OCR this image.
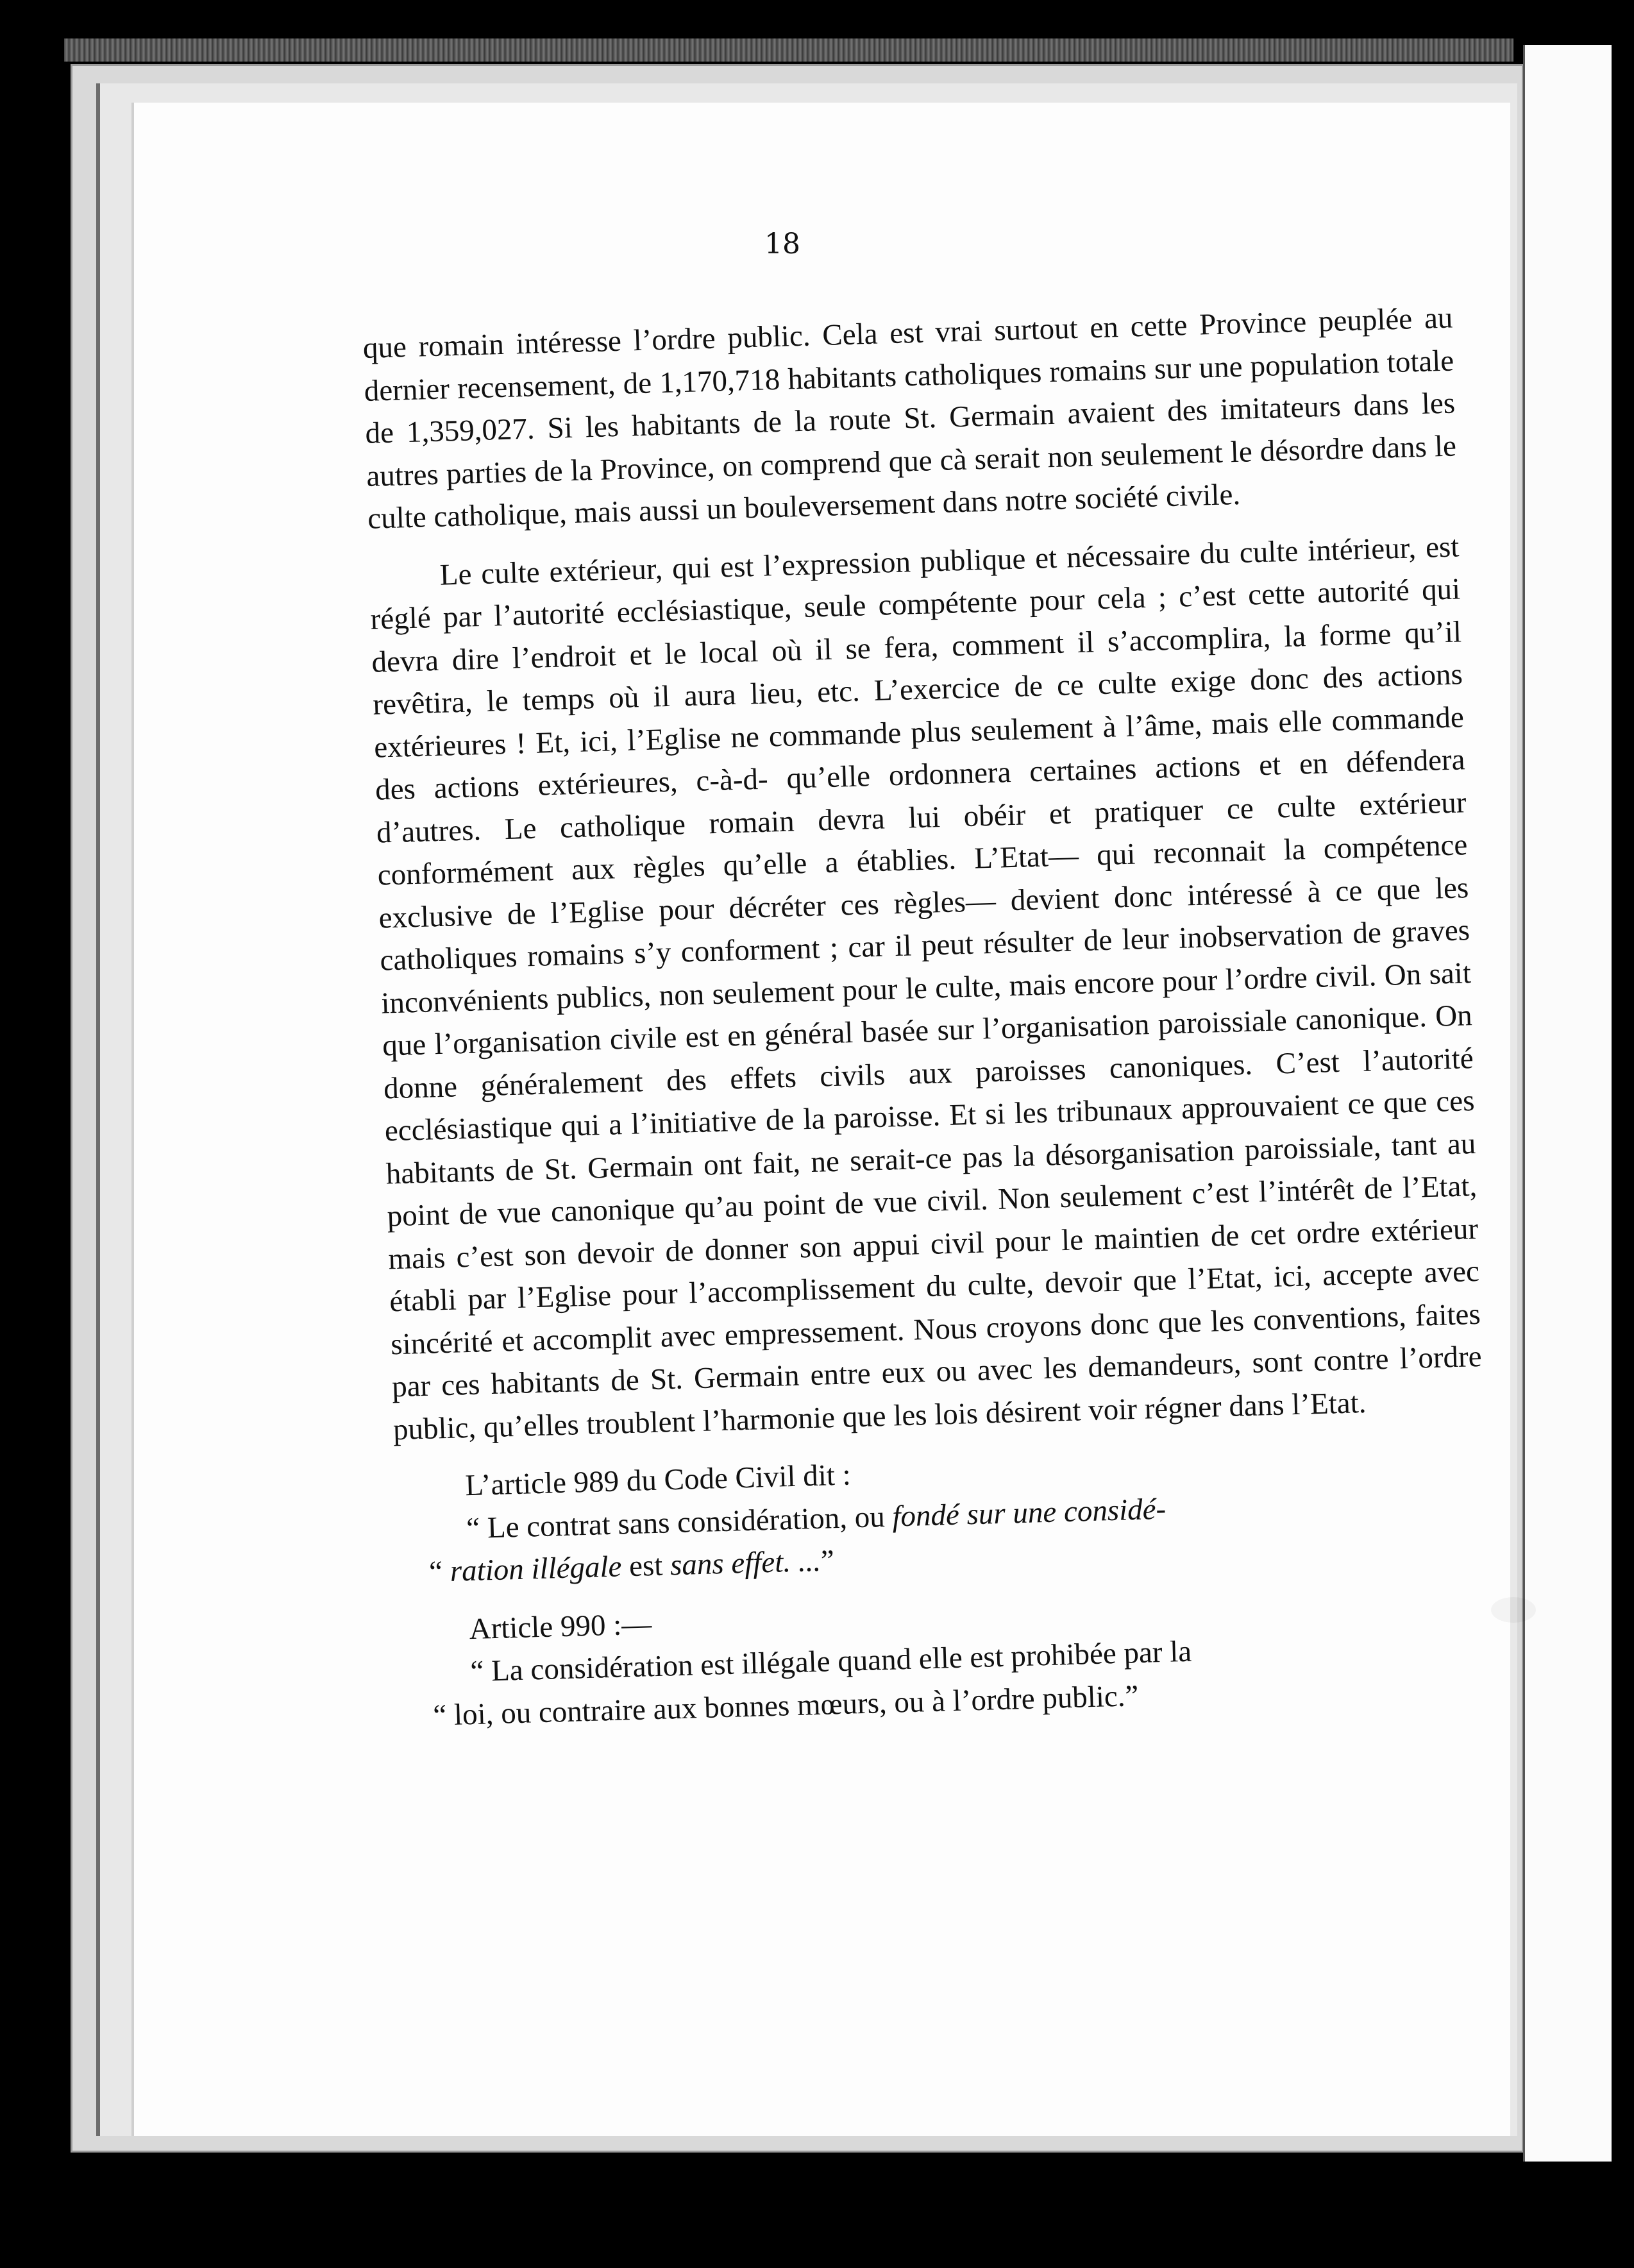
18

que romain intéresse l’ordre public. Cela est vrai surtout en cette Province peuplée au dernier recensement, de 1,170,718 habitants catholiques romains sur une population totale de 1,359,027. Si les habitants de la route St. Germain avaient des imitateurs dans les autres parties de la Province, on comprend que cà serait non seulement le désordre dans le culte catholique, mais aussi un bouleversement dans notre société civile.

Le culte extérieur, qui est l’expression publique et nécessaire du culte intérieur, est réglé par l’autorité ecclésiastique, seule compétente pour cela ; c’est cette autorité qui devra dire l’endroit et le local où il se fera, comment il s’accomplira, la forme qu’il revêtira, le temps où il aura lieu, etc. L’exercice de ce culte exige donc des actions extérieures ! Et, ici, l’Eglise ne commande plus seulement à l’âme, mais elle commande des actions extérieures, c-à-d- qu’elle ordonnera certaines actions et en défendera d’autres. Le catholique romain devra lui obéir et pratiquer ce culte extérieur conformément aux règles qu’elle a établies. L’Etat— qui reconnait la compétence exclusive de l’Eglise pour décréter ces règles— devient donc intéressé à ce que les catholiques romains s’y conforment ; car il peut résulter de leur inobservation de graves inconvénients publics, non seulement pour le culte, mais encore pour l’ordre civil. On sait que l’organisation civile est en général basée sur l’organisation paroissiale canonique. On donne généralement des effets civils aux paroisses canoniques. C’est l’autorité ecclésiastique qui a l’initiative de la paroisse. Et si les tribunaux approuvaient ce que ces habitants de St. Germain ont fait, ne serait-ce pas la désorganisation paroissiale, tant au point de vue canonique qu’au point de vue civil. Non seulement c’est l’intérêt de l’Etat, mais c’est son devoir de donner son appui civil pour le maintien de cet ordre extérieur établi par l’Eglise pour l’accomplissement du culte, devoir que l’Etat, ici, accepte avec sincérité et accomplit avec empressement. Nous croyons donc que les conventions, faites par ces habitants de St. Germain entre eux ou avec les demandeurs, sont contre l’ordre public, qu’elles troublent l’harmonie que les lois désirent voir régner dans l’Etat.

L’article 989 du Code Civil dit :

“ Le contrat sans considération, ou fondé sur une considé-

“ ration illégale est sans effet. ...”

Article 990 :—

“ La considération est illégale quand elle est prohibée par la

“ loi, ou contraire aux bonnes mœurs, ou à l’ordre public.”
